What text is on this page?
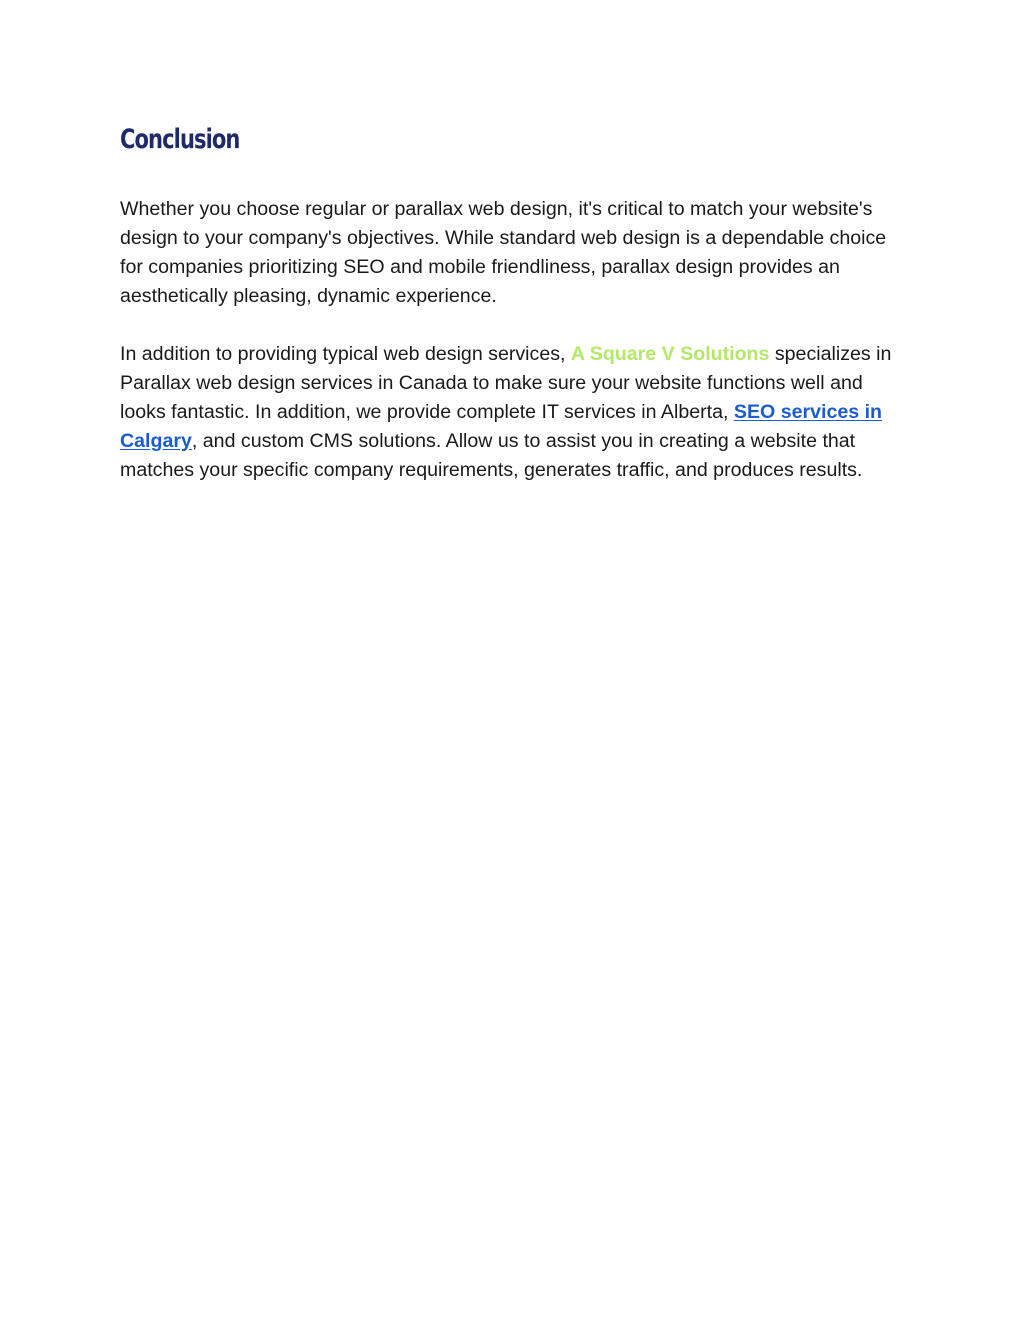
Conclusion

Whether you choose regular or parallax web design, it's critical to match your website's design to your company's objectives. While standard web design is a dependable choice for companies prioritizing SEO and mobile friendliness, parallax design provides an aesthetically pleasing, dynamic experience.

In addition to providing typical web design services, A Square V Solutions specializes in Parallax web design services in Canada to make sure your website functions well and looks fantastic. In addition, we provide complete IT services in Alberta, SEO services in Calgary, and custom CMS solutions. Allow us to assist you in creating a website that matches your specific company requirements, generates traffic, and produces results.
